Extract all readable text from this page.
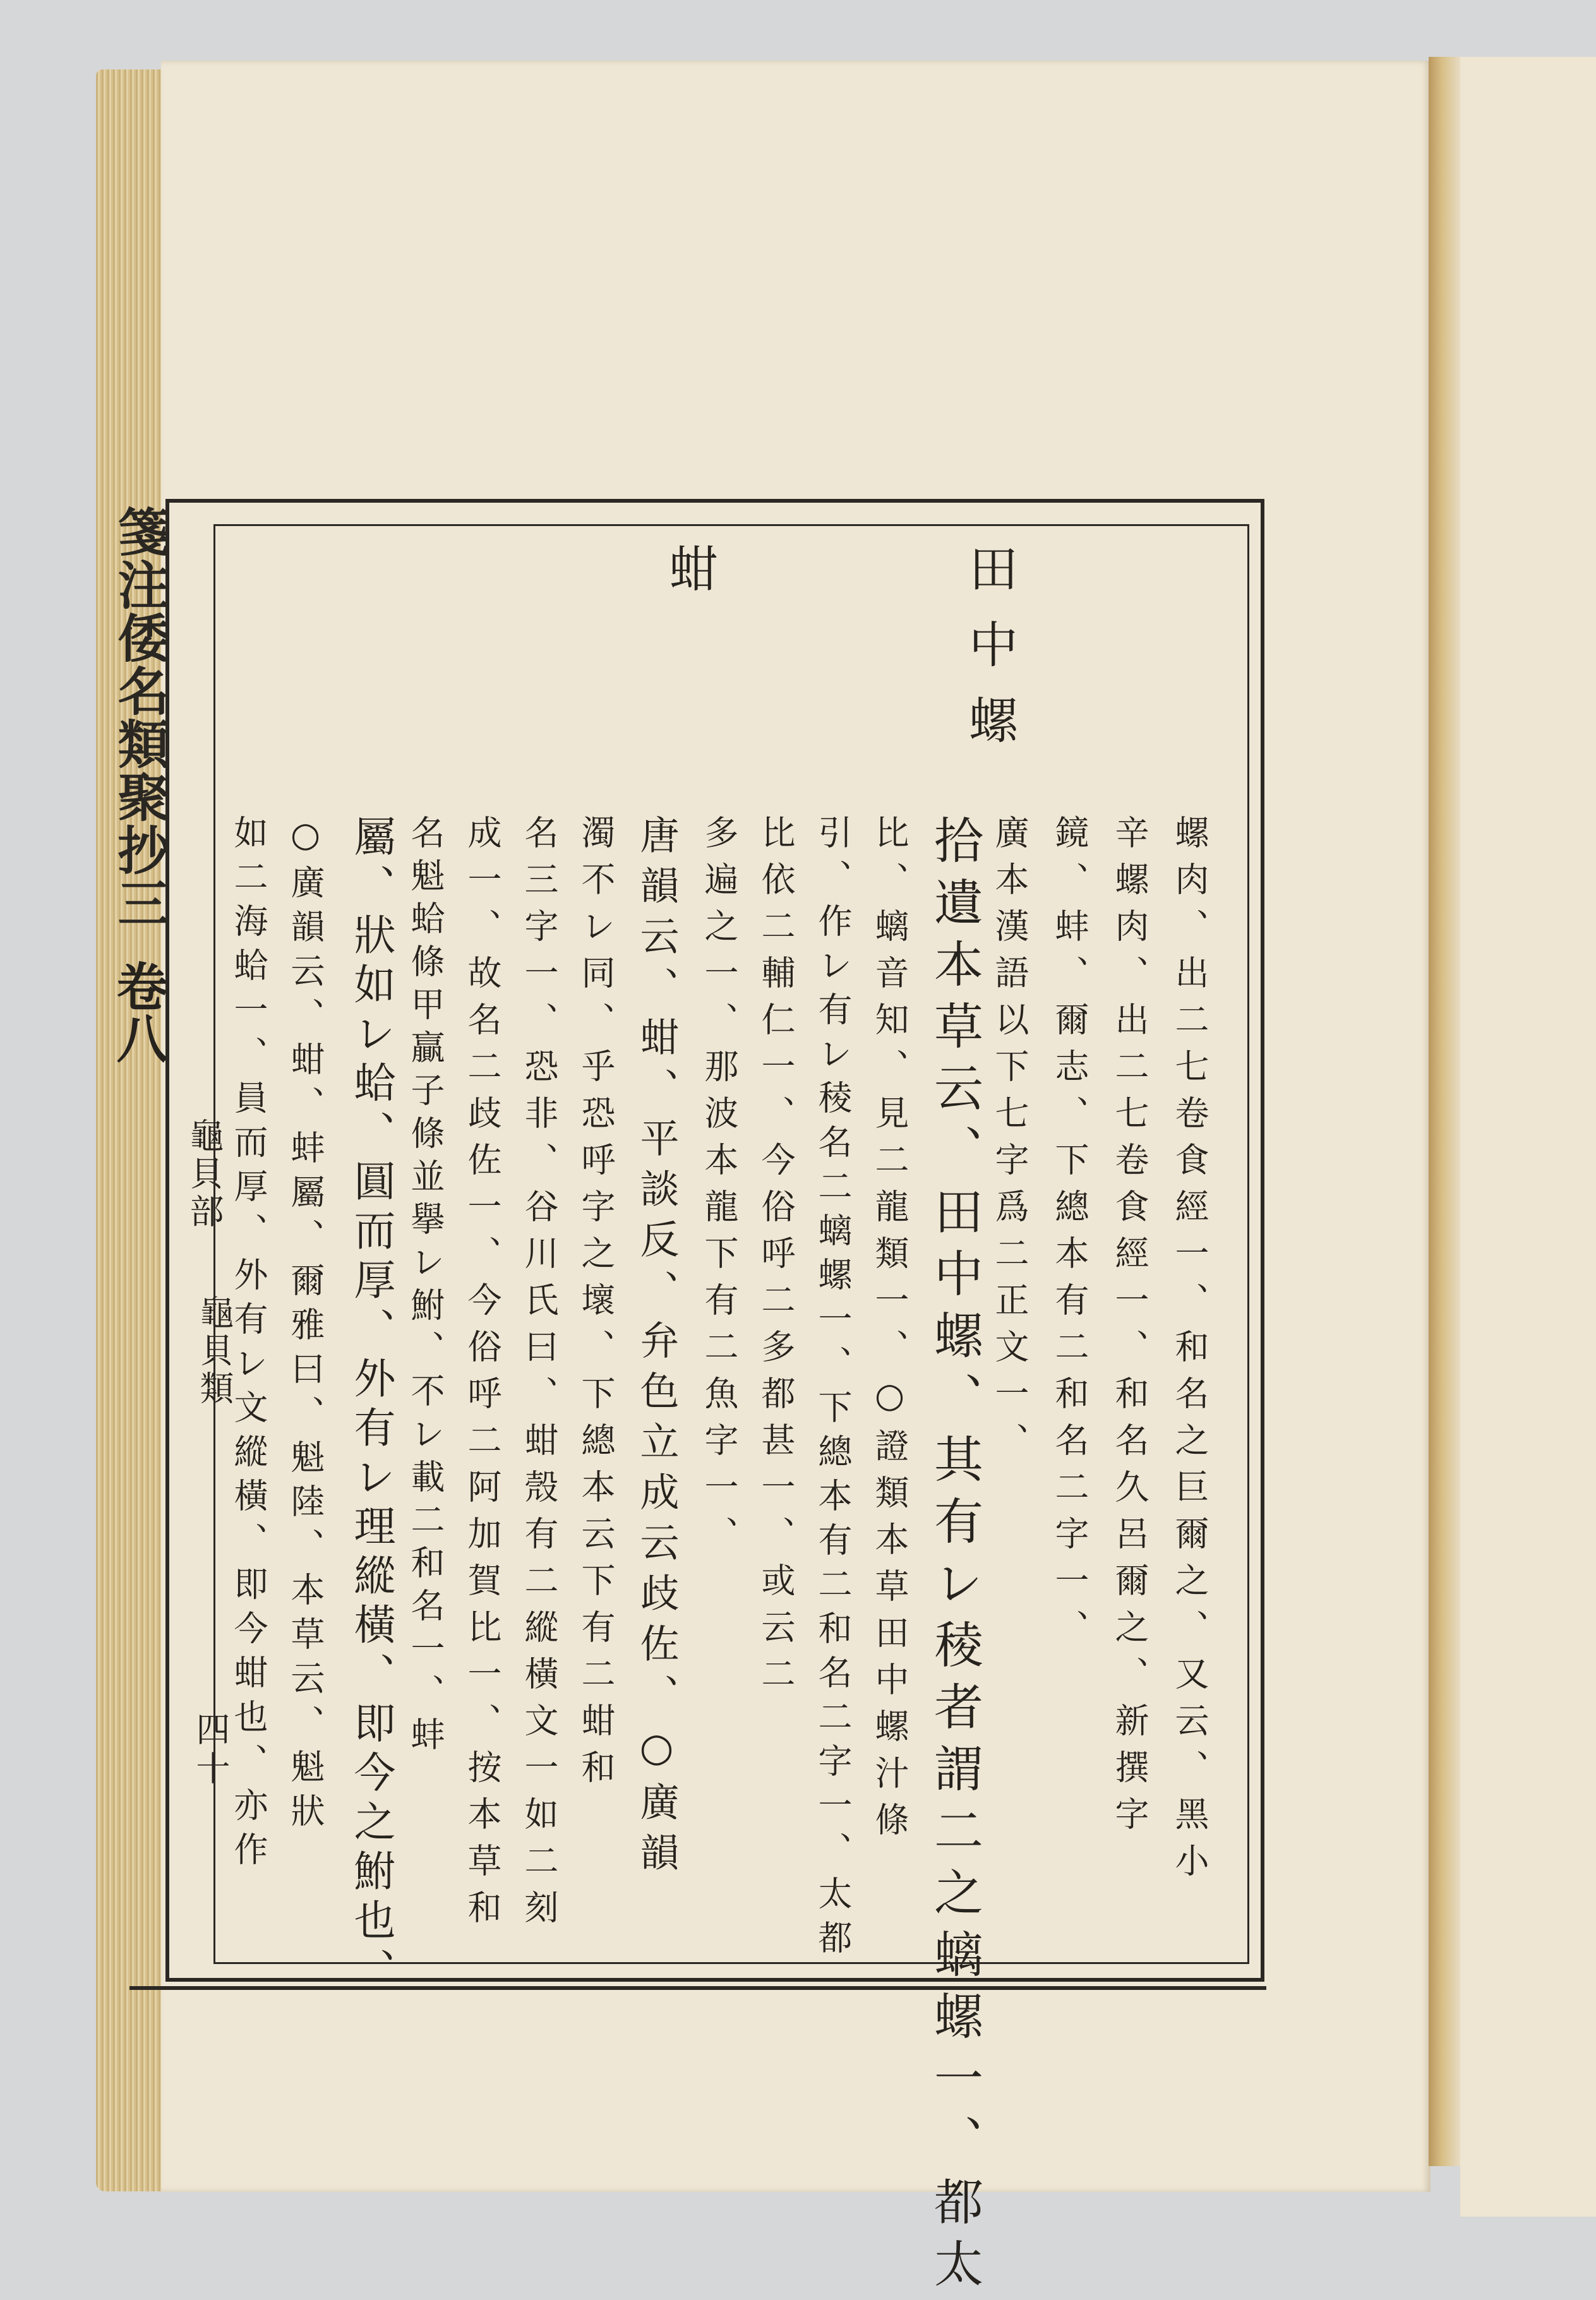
箋注倭名類聚抄三
卷八
龜貝部
龜貝類
四十
田中螺
蚶
螺肉、出二七卷食經一、和名之巨爾之、又云、黑小
辛螺肉、出二七卷食經一、和名久呂爾之、新撰字
鏡、蚌、爾志、下總本有二和名二字一、
廣本漢語以下七字爲二正文一、
拾遺本草云、田中螺、其有レ稜者謂二之螭螺一、都太
比、螭音知、見二龍類一、○證類本草田中螺汁條
引、作レ有レ稜名二螭螺一、下總本有二和名二字一、太都
比依二輔仁一、今俗呼二多都甚一、或云二
多遍之一、那波本龍下有二魚字一、
唐韻云、蚶、平談反、弁色立成云歧佐、○廣韻
濁不レ同、乎恐呼字之壞、下總本云下有二蚶和
名三字一、恐非、谷川氏曰、蚶殼有二縱橫文一如二刻
成一、故名二歧佐一、今俗呼二阿加賀比一、按本草和
名魁蛤條甲贏子條並擧レ鮒、不レ載二和名一、蚌
屬、狀如レ蛤、圓而厚、外有レ理縱橫、即今之鮒也、
○廣韻云、蚶、蚌屬、爾雅曰、魁陸、本草云、魁狀
如二海蛤一、員而厚、外有レ文縱橫、即今蚶也、亦作
